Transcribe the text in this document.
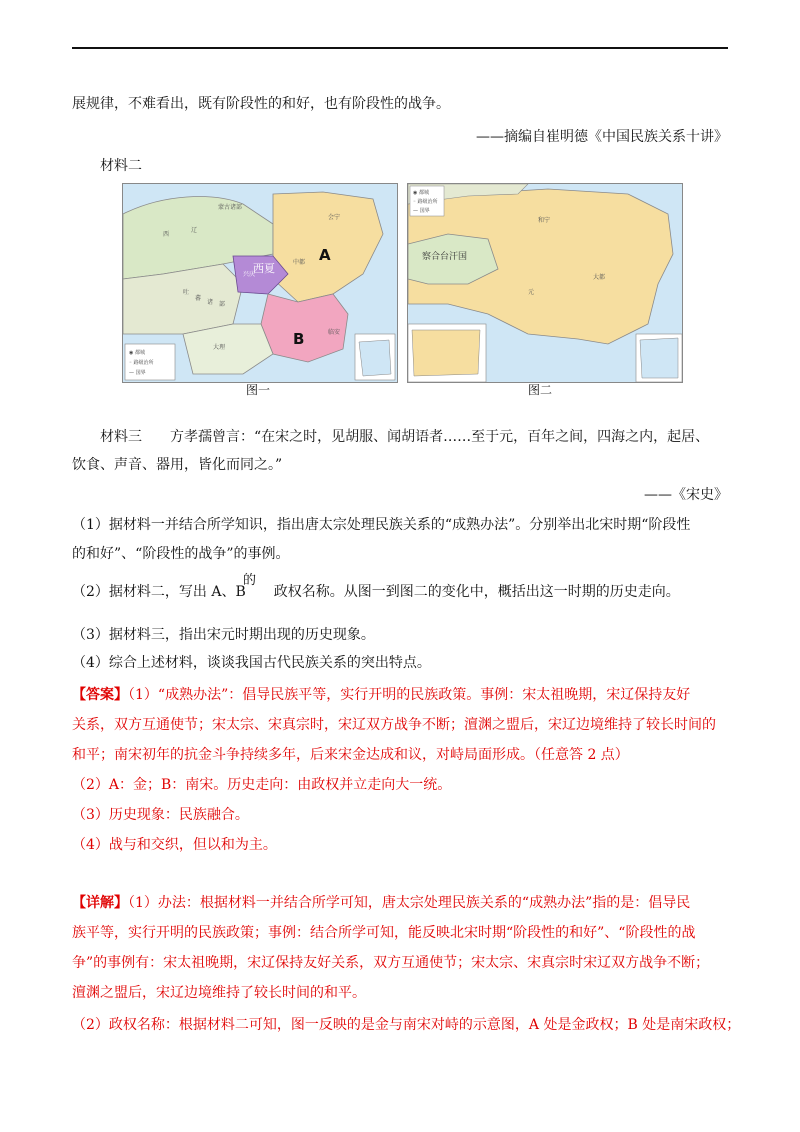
展规律，不难看出，既有阶段性的和好，也有阶段性的战争。
——摘编自崔明德《中国民族关系十讲》
材料二
西
辽
吐
蕃
诸 部
蒙古诸部
兴庆
会宁
中都
临安
大理
西夏
◉ 都城
◦ 路级治所
— 国界
A
B
图一
◉ 都城
◦ 路级治所
— 国界
察合台汗国
和宁
大都
元
图二
材料三　　方孝孺曾言：“在宋之时，见胡服、闻胡语者……至于元，百年之间，四海之内，起居、
饮食、声音、器用，皆化而同之。”
——《宋史》
（1）据材料一并结合所学知识，指出唐太宗处理民族关系的“成熟办法”。分别举出北宋时期“阶段性
的和好”、“阶段性的战争”的事例。
的
（2）据材料二，写出 A、B　　政权名称。从图一到图二的变化中，概括出这一时期的历史走向。
（3）据材料三，指出宋元时期出现的历史现象。
（4）综合上述材料，谈谈我国古代民族关系的突出特点。
【答案】（1）“成熟办法”：倡导民族平等，实行开明的民族政策。事例：宋太祖晚期，宋辽保持友好
关系，双方互通使节；宋太宗、宋真宗时，宋辽双方战争不断；澶渊之盟后，宋辽边境维持了较长时间的
和平；南宋初年的抗金斗争持续多年，后来宋金达成和议，对峙局面形成。（任意答 2 点）
（2）A：金；B：南宋。历史走向：由政权并立走向大一统。
（3）历史现象：民族融合。
（4）战与和交织，但以和为主。
【详解】（1）办法：根据材料一并结合所学可知，唐太宗处理民族关系的“成熟办法”指的是：倡导民
族平等，实行开明的民族政策；事例：结合所学可知，能反映北宋时期“阶段性的和好”、“阶段性的战
争”的事例有：宋太祖晚期，宋辽保持友好关系，双方互通使节；宋太宗、宋真宗时宋辽双方战争不断；
澶渊之盟后，宋辽边境维持了较长时间的和平。
（2）政权名称：根据材料二可知，图一反映的是金与南宋对峙的示意图，A 处是金政权；B 处是南宋政权；
